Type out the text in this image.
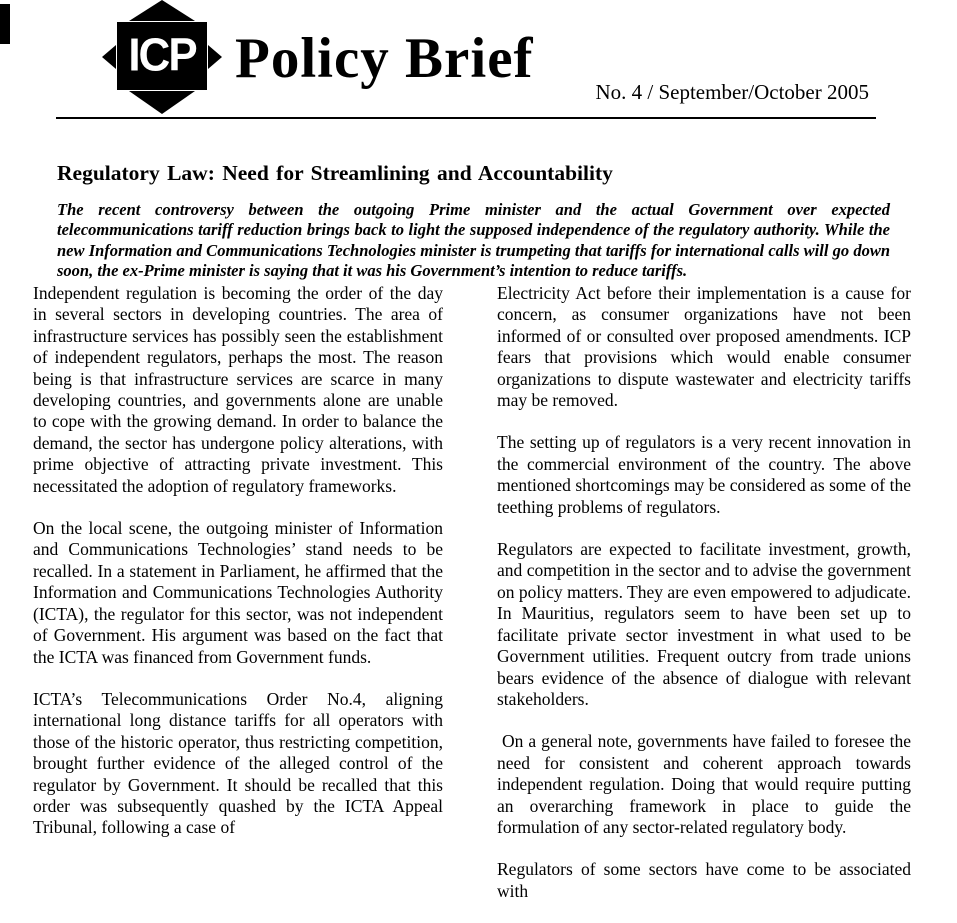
ICP Policy Brief
No. 4 / September/October 2005
Regulatory Law: Need for Streamlining and Accountability

The recent controversy between the outgoing Prime minister and the actual Government over expected telecommunications tariff reduction brings back to light the supposed independence of the regulatory authority. While the new Information and Communications Technologies minister is trumpeting that tariffs for international calls will go down soon, the ex-Prime minister is saying that it was his Government’s intention to reduce tariffs.

Independent regulation is becoming the order of the day in several sectors in developing countries. The area of infrastructure services has possibly seen the establishment of independent regulators, perhaps the most. The reason being is that infrastructure services are scarce in many developing countries, and governments alone are unable to cope with the growing demand. In order to balance the demand, the sector has undergone policy alterations, with prime objective of attracting private investment. This necessitated the adoption of regulatory frameworks.

On the local scene, the outgoing minister of Information and Communications Technologies’ stand needs to be recalled. In a statement in Parliament, he affirmed that the Information and Communications Technologies Authority (ICTA), the regulator for this sector, was not independent of Government. His argument was based on the fact that the ICTA was financed from Government funds.

ICTA’s Telecommunications Order No.4, aligning international long distance tariffs for all operators with those of the historic operator, thus restricting competition, brought further evidence of the alleged control of the regulator by Government. It should be recalled that this order was subsequently quashed by the ICTA Appeal Tribunal, following a case of

Electricity Act before their implementation is a cause for concern, as consumer organizations have not been informed of or consulted over proposed amendments. ICP fears that provisions which would enable consumer organizations to dispute wastewater and electricity tariffs may be removed.

The setting up of regulators is a very recent innovation in the commercial environment of the country. The above mentioned shortcomings may be considered as some of the teething problems of regulators.

Regulators are expected to facilitate investment, growth, and competition in the sector and to advise the government on policy matters. They are even empowered to adjudicate. In Mauritius, regulators seem to have been set up to facilitate private sector investment in what used to be Government utilities. Frequent outcry from trade unions bears evidence of the absence of dialogue with relevant stakeholders.

On a general note, governments have failed to foresee the need for consistent and coherent approach towards independent regulation. Doing that would require putting an overarching framework in place to guide the formulation of any sector-related regulatory body.

Regulators of some sectors have come to be associated with
